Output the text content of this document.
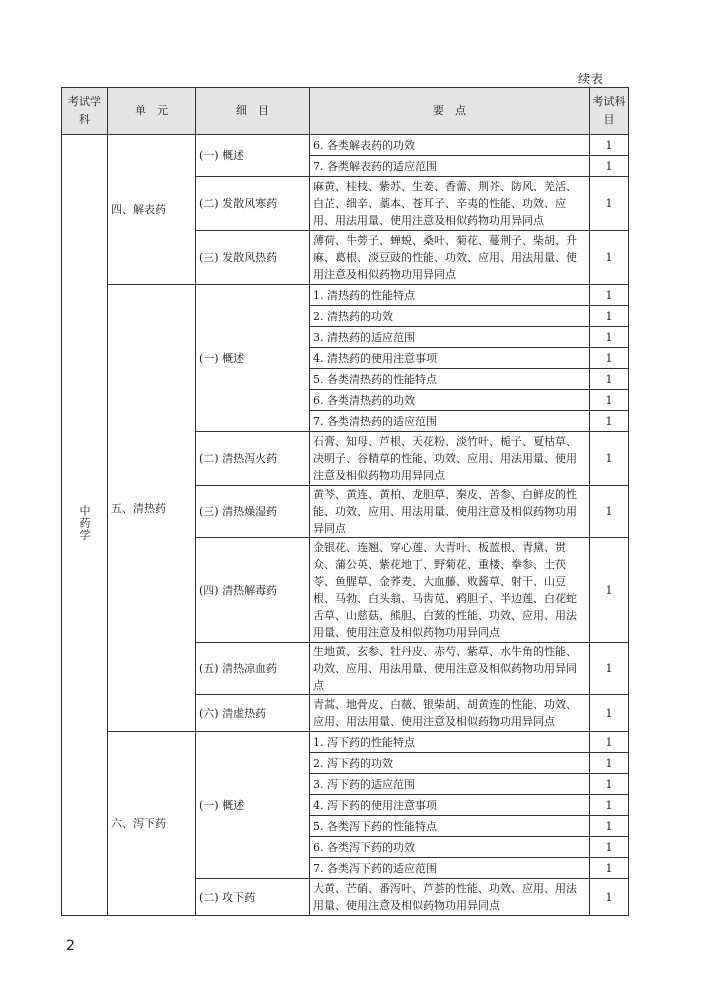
续表
考试学科	单　元	细　目	要　点	考试科目
中药学	四、解表药	(一) 概述	6. 各类解表药的功效	1
			7. 各类解表药的适应范围	1
		(二) 发散风寒药	麻黄、桂枝、紫苏、生姜、香薷、荆芥、防风、羌活、白芷、细辛、藁本、苍耳子、辛夷的性能、功效、应用、用法用量、使用注意及相似药物功用异同点	1
		(三) 发散风热药	薄荷、牛蒡子、蝉蜕、桑叶、菊花、蔓荆子、柴胡、升麻、葛根、淡豆豉的性能、功效、应用、用法用量、使用注意及相似药物功用异同点	1
	五、清热药	(一) 概述	1. 清热药的性能特点	1
			2. 清热药的功效	1
			3. 清热药的适应范围	1
			4. 清热药的使用注意事项	1
			5. 各类清热药的性能特点	1
			6. 各类清热药的功效	1
			7. 各类清热药的适应范围	1
		(二) 清热泻火药	石膏、知母、芦根、天花粉、淡竹叶、栀子、夏枯草、决明子、谷精草的性能、功效、应用、用法用量、使用注意及相似药物功用异同点	1
		(三) 清热燥湿药	黄芩、黄连、黄柏、龙胆草、秦皮、苦参、白鲜皮的性能、功效、应用、用法用量、使用注意及相似药物功用异同点	1
		(四) 清热解毒药	金银花、连翘、穿心莲、大青叶、板蓝根、青黛、贯众、蒲公英、紫花地丁、野菊花、重楼、拳参、土茯苓、鱼腥草、金荞麦、大血藤、败酱草、射干、山豆根、马勃、白头翁、马齿苋、鸦胆子、半边莲、白花蛇舌草、山慈菇、熊胆、白蔹的性能、功效、应用、用法用量、使用注意及相似药物功用异同点	1
		(五) 清热凉血药	生地黄、玄参、牡丹皮、赤芍、紫草、水牛角的性能、功效、应用、用法用量、使用注意及相似药物功用异同点	1
		(六) 清虚热药	青蒿、地骨皮、白薇、银柴胡、胡黄连的性能、功效、应用、用法用量、使用注意及相似药物功用异同点	1
	六、泻下药	(一) 概述	1. 泻下药的性能特点	1
			2. 泻下药的功效	1
			3. 泻下药的适应范围	1
			4. 泻下药的使用注意事项	1
			5. 各类泻下药的性能特点	1
			6. 各类泻下药的功效	1
			7. 各类泻下药的适应范围	1
		(二) 攻下药	大黄、芒硝、番泻叶、芦荟的性能、功效、应用、用法用量、使用注意及相似药物功用异同点	1
2
